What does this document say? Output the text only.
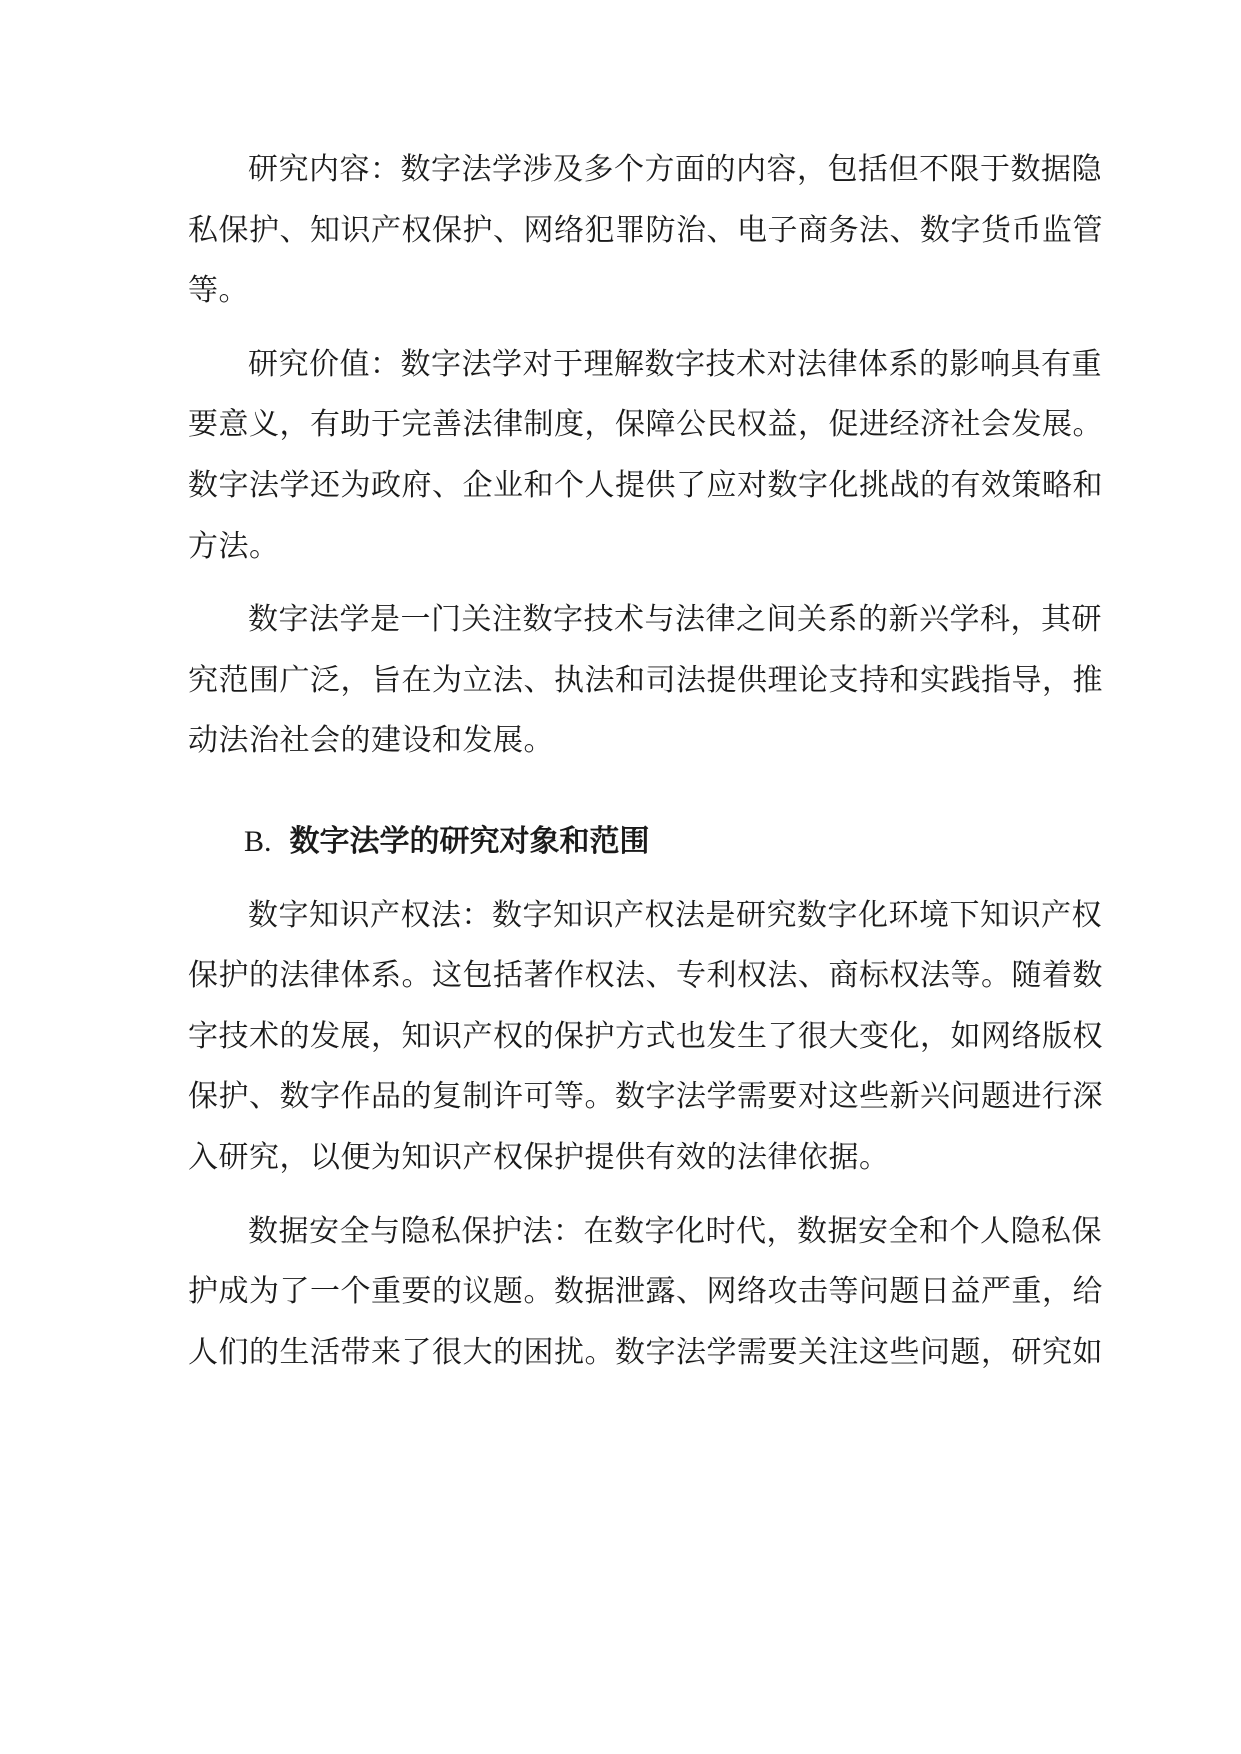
研究内容：数字法学涉及多个方面的内容，包括但不限于数据隐
私保护、知识产权保护、网络犯罪防治、电子商务法、数字货币监管
等。
研究价值：数字法学对于理解数字技术对法律体系的影响具有重
要意义，有助于完善法律制度，保障公民权益，促进经济社会发展。
数字法学还为政府、企业和个人提供了应对数字化挑战的有效策略和
方法。
数字法学是一门关注数字技术与法律之间关系的新兴学科，其研
究范围广泛，旨在为立法、执法和司法提供理论支持和实践指导，推
动法治社会的建设和发展。
B. 数字法学的研究对象和范围
数字知识产权法：数字知识产权法是研究数字化环境下知识产权
保护的法律体系。这包括著作权法、专利权法、商标权法等。随着数
字技术的发展，知识产权的保护方式也发生了很大变化，如网络版权
保护、数字作品的复制许可等。数字法学需要对这些新兴问题进行深
入研究，以便为知识产权保护提供有效的法律依据。
数据安全与隐私保护法：在数字化时代，数据安全和个人隐私保
护成为了一个重要的议题。数据泄露、网络攻击等问题日益严重，给
人们的生活带来了很大的困扰。数字法学需要关注这些问题，研究如
